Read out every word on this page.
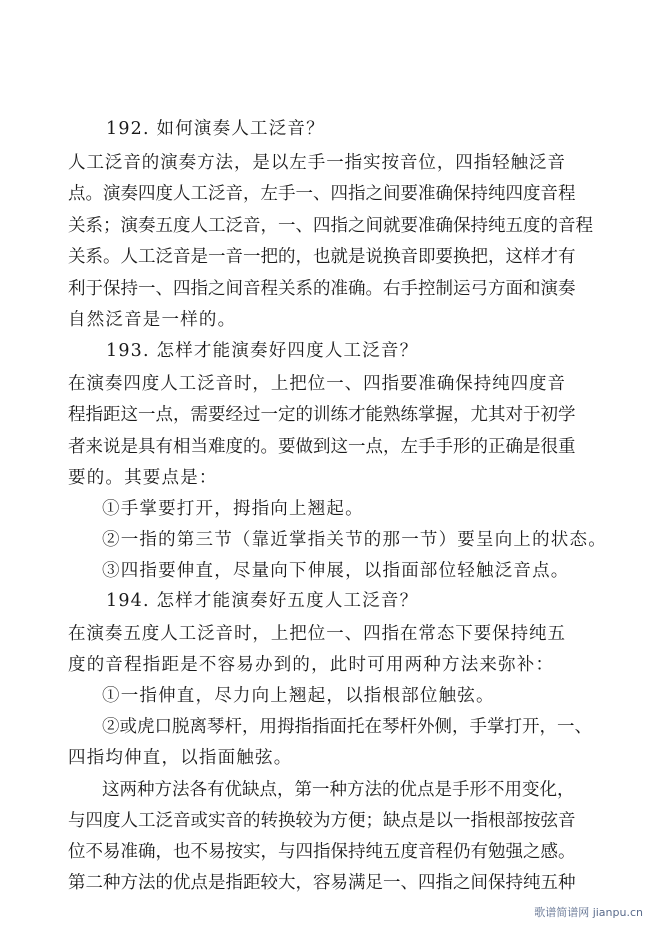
192. 如何演奏人工泛音？
人工泛音的演奏方法，是以左手一指实按音位，四指轻触泛音
点。演奏四度人工泛音，左手一、四指之间要准确保持纯四度音程
关系；演奏五度人工泛音，一、四指之间就要准确保持纯五度的音程
关系。人工泛音是一音一把的，也就是说换音即要换把，这样才有
利于保持一、四指之间音程关系的准确。右手控制运弓方面和演奏
自然泛音是一样的。
193. 怎样才能演奏好四度人工泛音？
在演奏四度人工泛音时，上把位一、四指要准确保持纯四度音
程指距这一点，需要经过一定的训练才能熟练掌握，尤其对于初学
者来说是具有相当难度的。要做到这一点，左手手形的正确是很重
要的。其要点是：
①手掌要打开，拇指向上翘起。
②一指的第三节（靠近掌指关节的那一节）要呈向上的状态。
③四指要伸直，尽量向下伸展，以指面部位轻触泛音点。
194. 怎样才能演奏好五度人工泛音？
在演奏五度人工泛音时，上把位一、四指在常态下要保持纯五
度的音程指距是不容易办到的，此时可用两种方法来弥补：
①一指伸直，尽力向上翘起，以指根部位触弦。
②或虎口脱离琴杆，用拇指指面托在琴杆外侧，手掌打开，一、
四指均伸直，以指面触弦。
这两种方法各有优缺点，第一种方法的优点是手形不用变化，
与四度人工泛音或实音的转换较为方便；缺点是以一指根部按弦音
位不易准确，也不易按实，与四指保持纯五度音程仍有勉强之感。
第二种方法的优点是指距较大，容易满足一、四指之间保持纯五种
歌谱简谱网 jianpu.cn
